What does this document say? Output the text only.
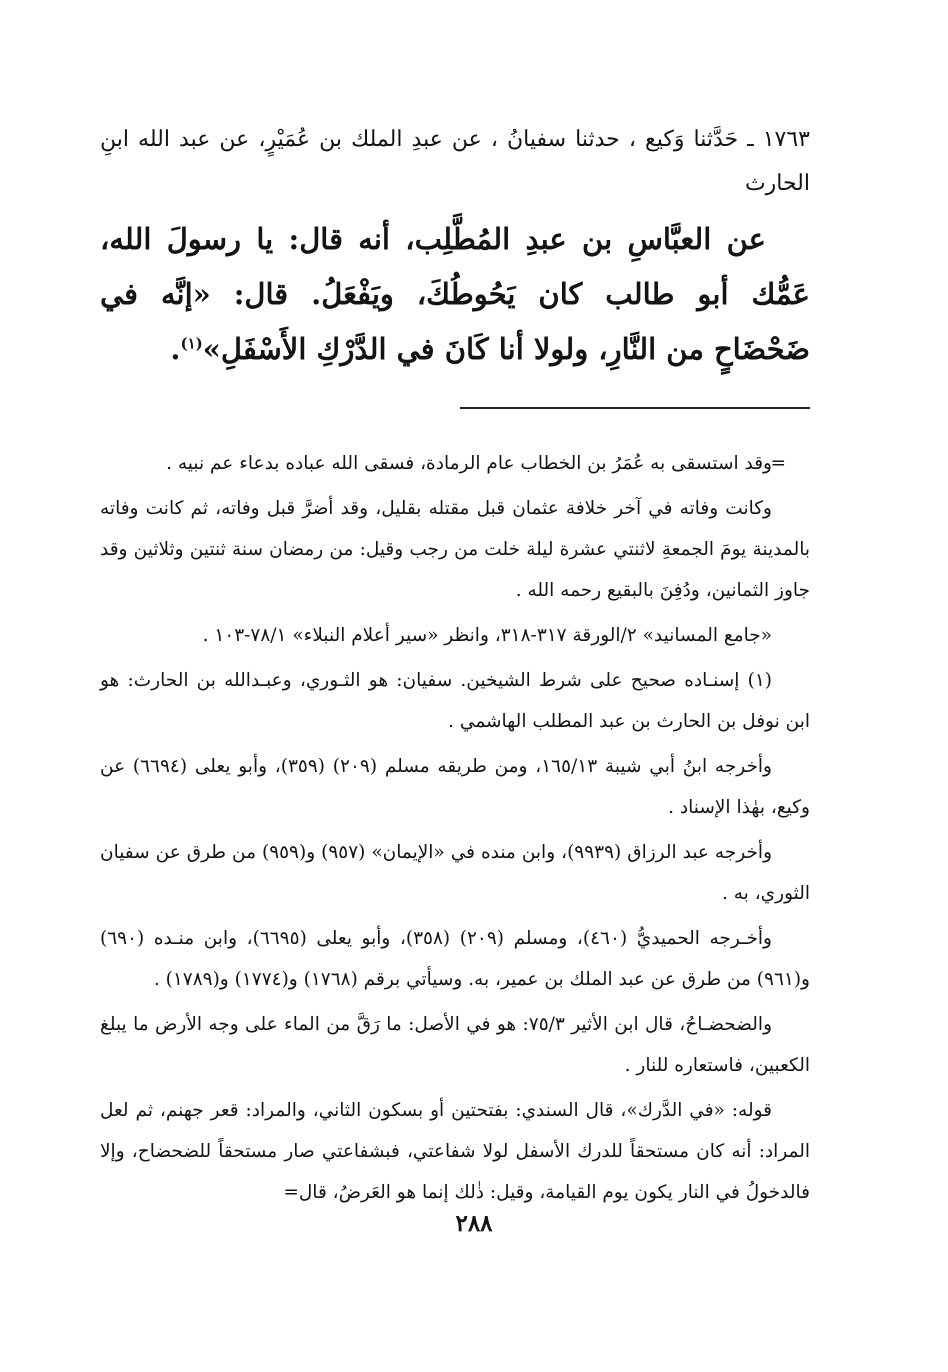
١٧٦٣ ـ حَدَّثنا وَكيع ، حدثنا سفيانُ ، عن عبدِ الملك بن عُمَيْرٍ، عن عبد الله ابنِ الحارث

عن العبَّاسِ بن عبدِ المُطَّلِب، أنه قال: يا رسولَ الله، عَمُّك أبو طالب كان يَحُوطُكَ، ويَفْعَلُ. قال: «إنَّه في ضَحْضَاحٍ من النَّارِ، ولولا أنا كَانَ في الدَّرْكِ الأَسْفَلِ»$^{(١)}$.

=
وقد استسقى به عُمَرُ بن الخطاب عام الرمادة، فسقى الله عباده بدعاء عم نبيه .

وكانت وفاته في آخر خلافة عثمان قبل مقتله بقليل، وقد أضرَّ قبل وفاته، ثم كانت وفاته بالمدينة يومَ الجمعةِ لاثنتي عشرة ليلة خلت من رجب وقيل: من رمضان سنة ثنتين وثلاثين وقد جاوز الثمانين، ودُفِنَ بالبقيع رحمه الله .

«جامع المسانيد» ٢/الورقة ٣١٧-٣١٨، وانظر «سير أعلام النبلاء» ٧٨/١-١٠٣ .

(١) إسنـاده صحيح على شرط الشيخين. سفيان: هو الثـوري، وعبـدالله بن الحارث: هو ابن نوفل بن الحارث بن عبد المطلب الهاشمي .

وأخرجه ابنُ أبي شيبة ١٦٥/١٣، ومن طريقه مسلم (٢٠٩) (٣٥٩)، وأبو يعلى (٦٦٩٤) عن وكيع، بهٰذا الإسناد .

وأخرجه عبد الرزاق (٩٩٣٩)، وابن منده في «الإيمان» (٩٥٧) و(٩٥٩) من طرق عن سفيان الثوري، به .

وأخـرجه الحميديُّ (٤٦٠)، ومسلم (٢٠٩) (٣٥٨)، وأبو يعلى (٦٦٩٥)، وابن منـده (٦٩٠) و(٩٦١) من طرق عن عبد الملك بن عمير، به. وسيأتي برقم (١٧٦٨) و(١٧٧٤) و(١٧٨٩) .

والضحضـاحُ، قال ابن الأثير ٧٥/٣: هو في الأصل: ما رَقَّ من الماء على وجه الأرض ما يبلغ الكعبين، فاستعاره للنار .

قوله: «في الدَّرك»، قال السندي: بفتحتين أو بسكون الثاني، والمراد: قعر جهنم، ثم لعل المراد: أنه كان مستحقاً للدرك الأسفل لولا شفاعتي، فبشفاعتي صار مستحقاً للضحضاح، وإلا فالدخولُ في النار يكون يوم القيامة، وقيل: ذٰلك إنما هو العَرضُ، قال=

٢٨٨
